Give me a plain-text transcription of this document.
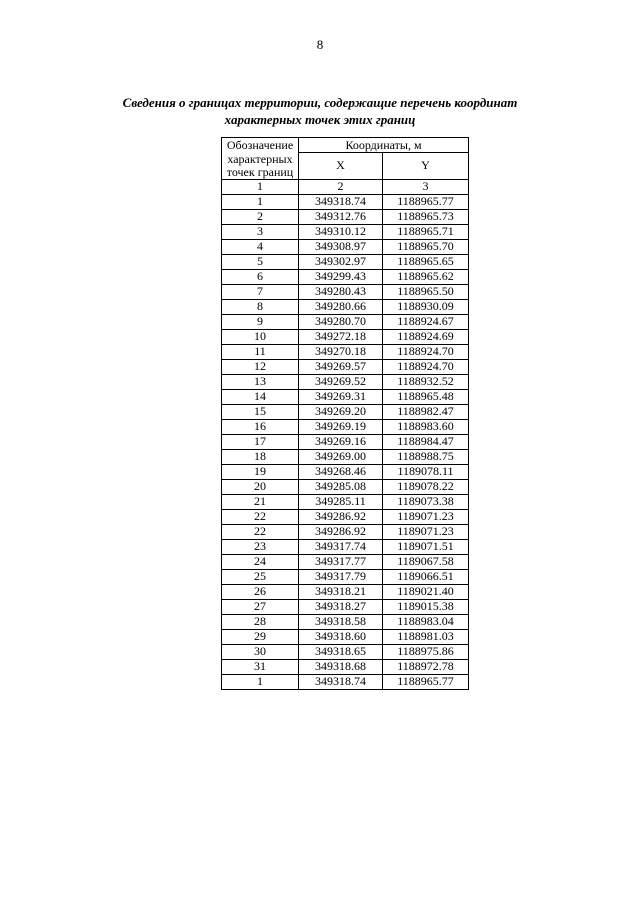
8
Сведения о границах территории, содержащие перечень координат
характерных точек этих границ
Обозначение	Координаты, м	
характерных точек границ	X	Y
1	2	3
1	349318.74	1188965.77
2	349312.76	1188965.73
3	349310.12	1188965.71
4	349308.97	1188965.70
5	349302.97	1188965.65
6	349299.43	1188965.62
7	349280.43	1188965.50
8	349280.66	1188930.09
9	349280.70	1188924.67
10	349272.18	1188924.69
11	349270.18	1188924.70
12	349269.57	1188924.70
13	349269.52	1188932.52
14	349269.31	1188965.48
15	349269.20	1188982.47
16	349269.19	1188983.60
17	349269.16	1188984.47
18	349269.00	1188988.75
19	349268.46	1189078.11
20	349285.08	1189078.22
21	349285.11	1189073.38
22	349286.92	1189071.23
22	349286.92	1189071.23
23	349317.74	1189071.51
24	349317.77	1189067.58
25	349317.79	1189066.51
26	349318.21	1189021.40
27	349318.27	1189015.38
28	349318.58	1188983.04
29	349318.60	1188981.03
30	349318.65	1188975.86
31	349318.68	1188972.78
1	349318.74	1188965.77
